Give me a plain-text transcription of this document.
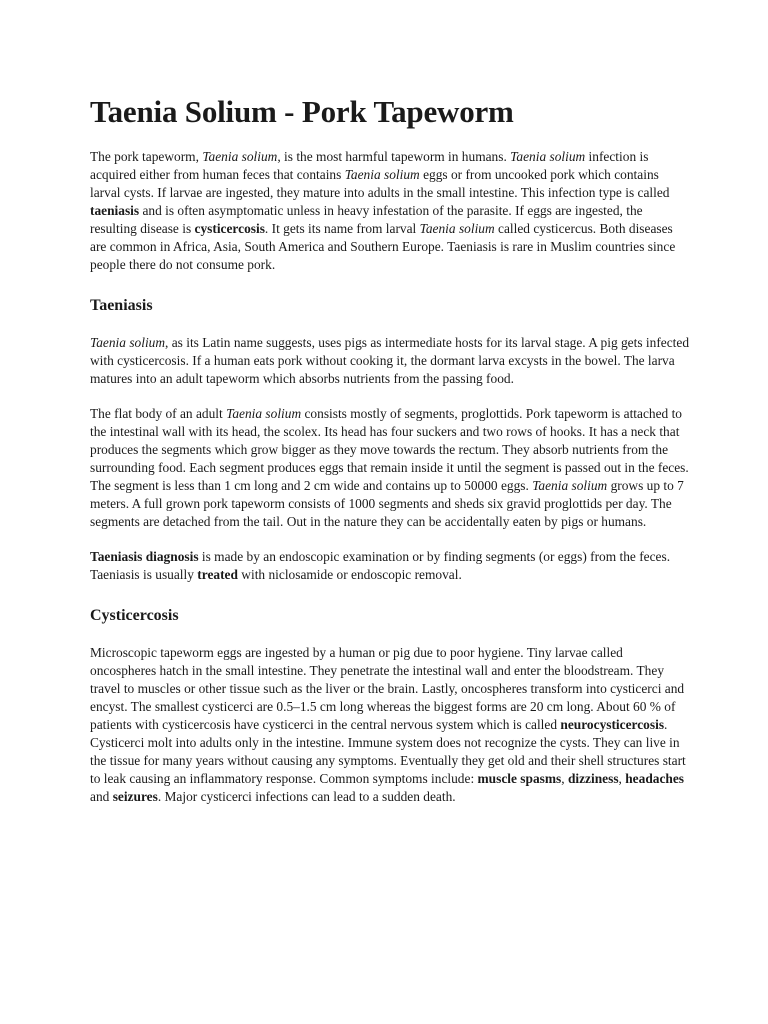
Taenia Solium - Pork Tapeworm

The pork tapeworm, Taenia solium, is the most harmful tapeworm in humans. Taenia solium infection is acquired either from human feces that contains Taenia solium eggs or from uncooked pork which contains larval cysts. If larvae are ingested, they mature into adults in the small intestine. This infection type is called taeniasis and is often asymptomatic unless in heavy infestation of the parasite. If eggs are ingested, the resulting disease is cysticercosis. It gets its name from larval Taenia solium called cysticercus. Both diseases are common in Africa, Asia, South America and Southern Europe. Taeniasis is rare in Muslim countries since people there do not consume pork.

Taeniasis

Taenia solium, as its Latin name suggests, uses pigs as intermediate hosts for its larval stage. A pig gets infected with cysticercosis. If a human eats pork without cooking it, the dormant larva excysts in the bowel. The larva matures into an adult tapeworm which absorbs nutrients from the passing food.

The flat body of an adult Taenia solium consists mostly of segments, proglottids. Pork tapeworm is attached to the intestinal wall with its head, the scolex. Its head has four suckers and two rows of hooks. It has a neck that produces the segments which grow bigger as they move towards the rectum. They absorb nutrients from the surrounding food. Each segment produces eggs that remain inside it until the segment is passed out in the feces. The segment is less than 1 cm long and 2 cm wide and contains up to 50000 eggs. Taenia solium grows up to 7 meters. A full grown pork tapeworm consists of 1000 segments and sheds six gravid proglottids per day. The segments are detached from the tail. Out in the nature they can be accidentally eaten by pigs or humans.

Taeniasis diagnosis is made by an endoscopic examination or by finding segments (or eggs) from the feces. Taeniasis is usually treated with niclosamide or endoscopic removal.

Cysticercosis

Microscopic tapeworm eggs are ingested by a human or pig due to poor hygiene. Tiny larvae called oncospheres hatch in the small intestine. They penetrate the intestinal wall and enter the bloodstream. They travel to muscles or other tissue such as the liver or the brain. Lastly, oncospheres transform into cysticerci and encyst. The smallest cysticerci are 0.5–1.5 cm long whereas the biggest forms are 20 cm long. About 60 % of patients with cysticercosis have cysticerci in the central nervous system which is called neurocysticercosis. Cysticerci molt into adults only in the intestine. Immune system does not recognize the cysts. They can live in the tissue for many years without causing any symptoms. Eventually they get old and their shell structures start to leak causing an inflammatory response. Common symptoms include: muscle spasms, dizziness, headaches and seizures. Major cysticerci infections can lead to a sudden death.
